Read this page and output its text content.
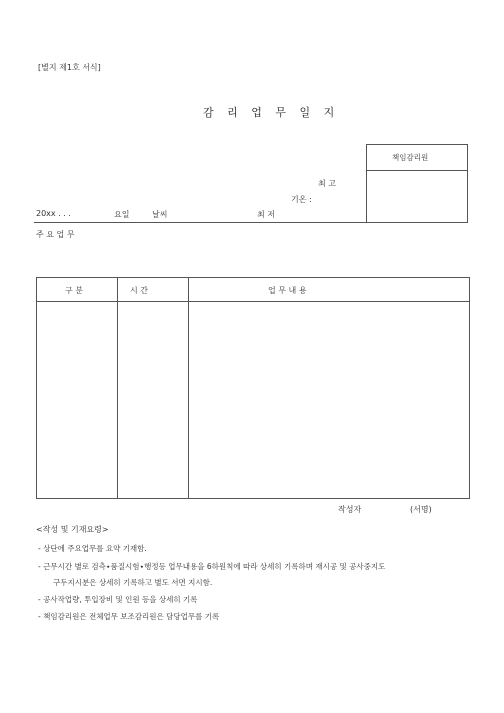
[별지 제1호 서식]
감 리 업 무 일 지
책임감리원
최 고
기온 :
20xx . . .	요일	날씨	최 저
주 요 업 무
구 분	시 간	업 무 내 용
작성자	(서명)
<작성 및 기재요령>
- 상단에 주요업무를 요약 기재함.
- 근무시간 별로 검측∙품질시험∙행정등 업무내용을 6하원칙에 따라 상세히 기록하며 재시공 및 공사중지도
구두지시분은 상세히 기록하고 별도 서면 지시함.
- 공사작업량, 투입장비 및 인원 등을 상세히 기록
- 책임감리원은 전체업무 보조감리원은 담당업무를 기록
